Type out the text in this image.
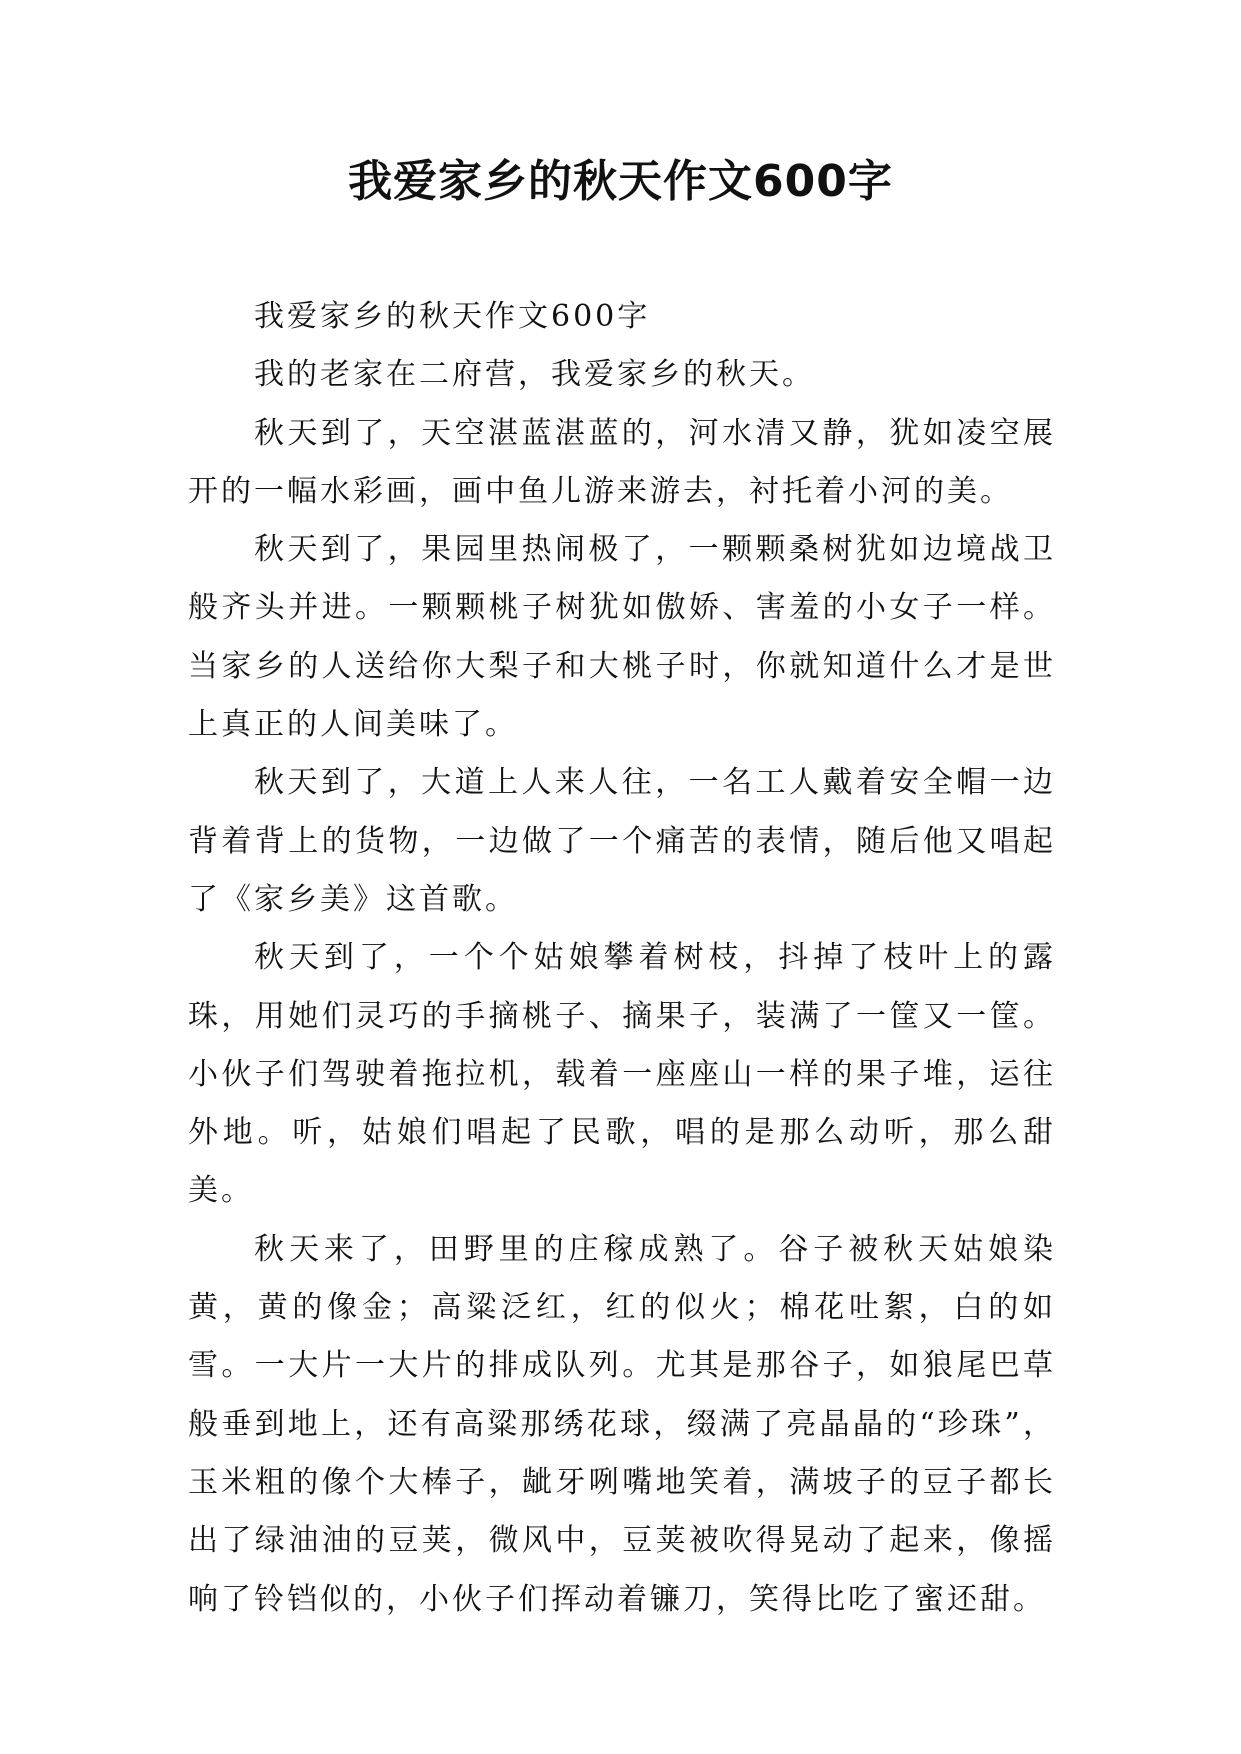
我爱家乡的秋天作文600字

我爱家乡的秋天作文600字

我的老家在二府营，我爱家乡的秋天。

秋天到了，天空湛蓝湛蓝的，河水清又静，犹如凌空展开的一幅水彩画，画中鱼儿游来游去，衬托着小河的美。

秋天到了，果园里热闹极了，一颗颗桑树犹如边境战卫般齐头并进。一颗颗桃子树犹如傲娇、害羞的小女子一样。当家乡的人送给你大梨子和大桃子时，你就知道什么才是世上真正的人间美味了。

秋天到了，大道上人来人往，一名工人戴着安全帽一边背着背上的货物，一边做了一个痛苦的表情，随后他又唱起了《家乡美》这首歌。

秋天到了，一个个姑娘攀着树枝，抖掉了枝叶上的露珠，用她们灵巧的手摘桃子、摘果子，装满了一筐又一筐。小伙子们驾驶着拖拉机，载着一座座山一样的果子堆，运往外地。听，姑娘们唱起了民歌，唱的是那么动听，那么甜美。

秋天来了，田野里的庄稼成熟了。谷子被秋天姑娘染黄，黄的像金；高粱泛红，红的似火；棉花吐絮，白的如雪。一大片一大片的排成队列。尤其是那谷子，如狼尾巴草般垂到地上，还有高粱那绣花球，缀满了亮晶晶的“珍珠”，玉米粗的像个大棒子，龇牙咧嘴地笑着，满坡子的豆子都长出了绿油油的豆荚，微风中，豆荚被吹得晃动了起来，像摇响了铃铛似的，小伙子们挥动着镰刀，笑得比吃了蜜还甜。
